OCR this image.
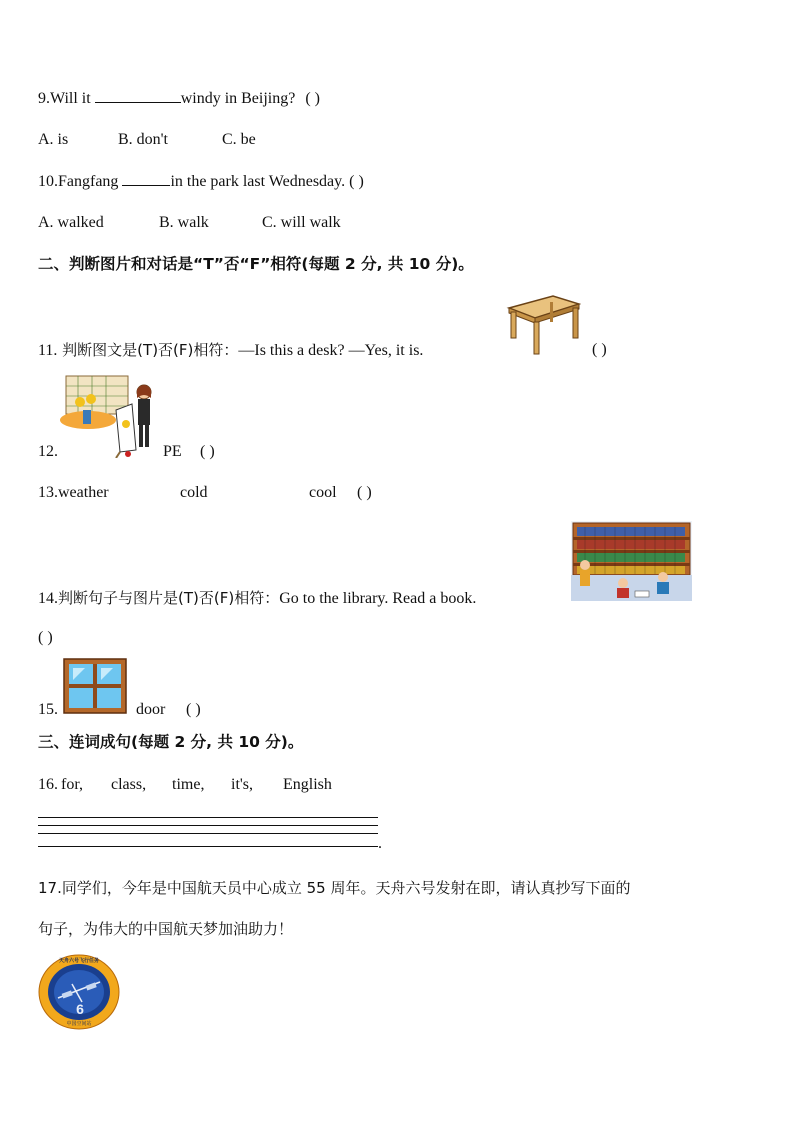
9.Will it	windy in Beijing? ( )
A. is	B. don't	C. be
10.Fangfang	in the park last Wednesday. ( )
A. walked	B. walk	C. will walk
二、判断图片和对话是“T”否“F”相符(每题 2 分, 共 10 分)。
11. 判断图文是(T)否(F)相符：—Is this a desk? —Yes, it is.	( )
12.	PE ( )
13.weather	cold	cool ( )
14.判断句子与图片是(T)否(F)相符：Go to the library. Read a book.
( )
15.	door ( )
三、连词成句(每题 2 分, 共 10 分)。
16. for, class, time, it's, English
.
17.同学们，今年是中国航天员中心成立 55 周年。天舟六号发射在即，请认真抄写下面的
句子，为伟大的中国航天梦加油助力！
6
天舟六号飞行任务
中国空间站
